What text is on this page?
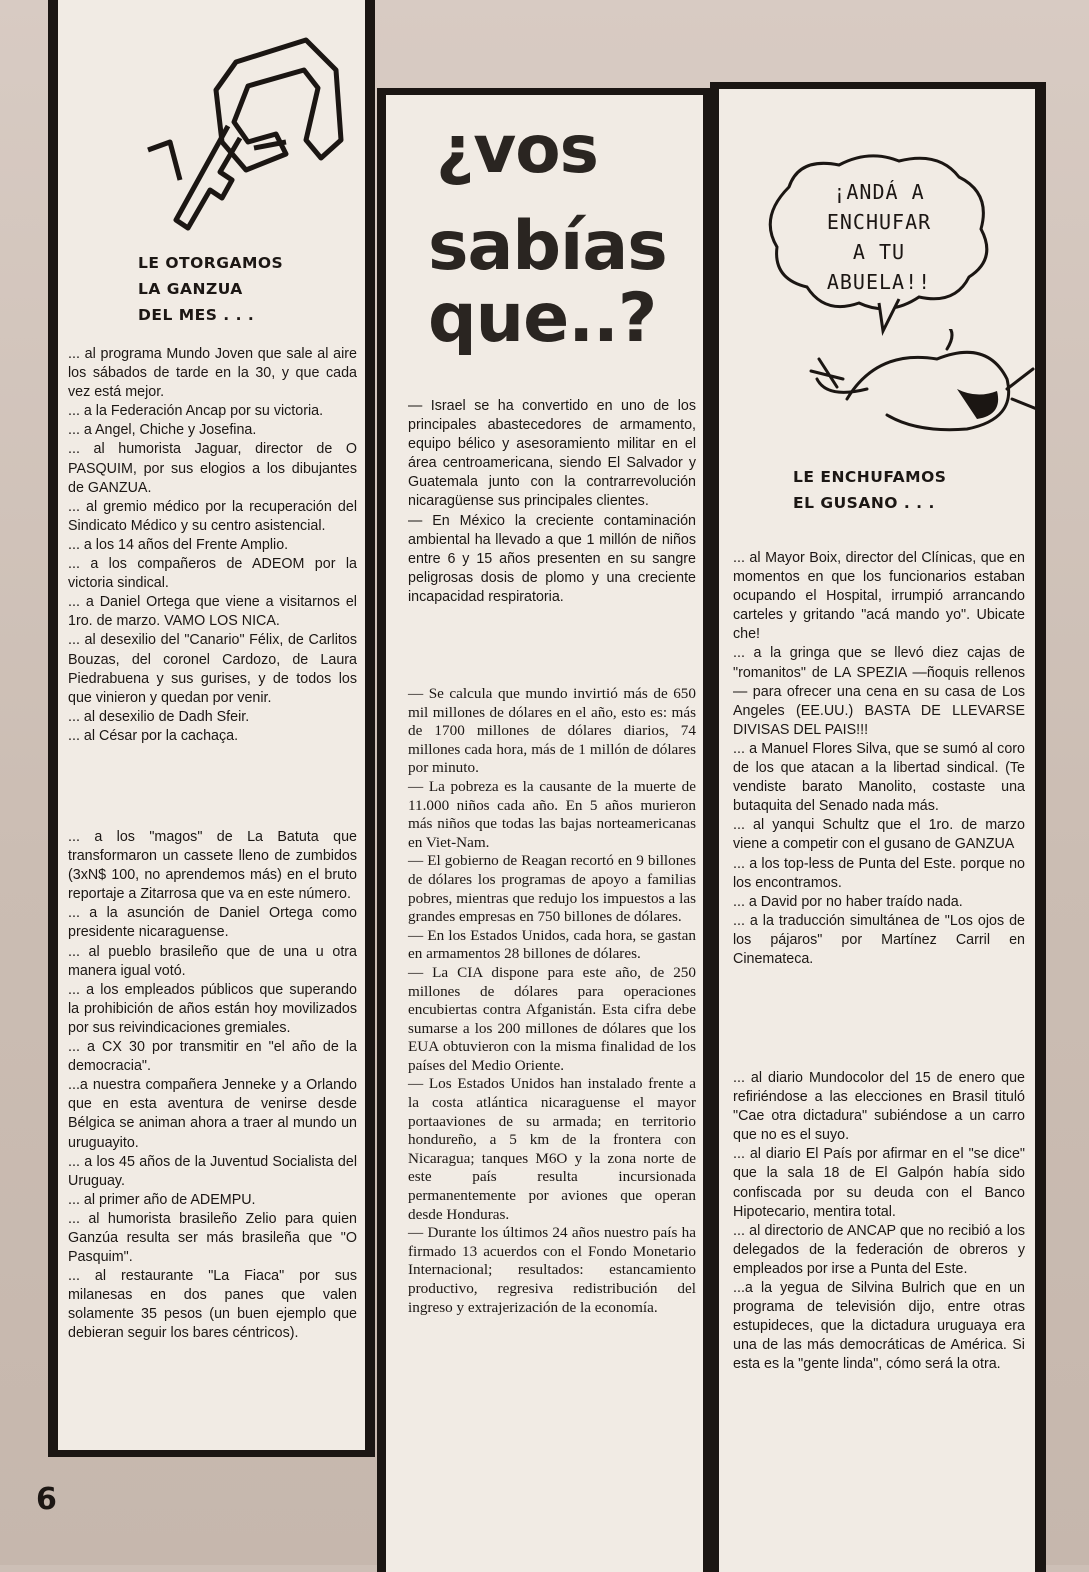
LE OTORGAMOS
LA GANZUA
DEL MES . . .

... al programa Mundo Joven que sale al aire los sábados de tarde en la 30, y que cada vez está mejor.
... a la Federación Ancap por su victoria.
... a Angel, Chiche y Josefina.
... al humorista Jaguar, director de O PASQUIM, por sus elogios a los dibujantes de GANZUA.
... al gremio médico por la recuperación del Sindicato Médico y su centro asistencial.
... a los 14 años del Frente Amplio.
... a los compañeros de ADEOM por la victoria sindical.
... a Daniel Ortega que viene a visitarnos el 1ro. de marzo. VAMO LOS NICA.
... al desexilio del "Canario" Félix, de Carlitos Bouzas, del coronel Cardozo, de Laura Piedrabuena y sus gurises, y de todos los que vinieron y quedan por venir.
... al desexilio de Dadh Sfeir.
... al César por la cachaça.

... a los "magos" de La Batuta que transformaron un cassete lleno de zumbidos (3xN$ 100, no aprendemos más) en el bruto reportaje a Zitarrosa que va en este número.
... a la asunción de Daniel Ortega como presidente nicaraguense.
... al pueblo brasileño que de una u otra manera igual votó.
... a los empleados públicos que superando la prohibición de años están hoy movilizados por sus reivindicaciones gremiales.
... a CX 30 por transmitir en "el año de la democracia".
...a nuestra compañera Jenneke y a Orlando que en esta aventura de venirse desde Bélgica se animan ahora a traer al mundo un uruguayito.
... a los 45 años de la Juventud Socialista del Uruguay.
... al primer año de ADEMPU.
... al humorista brasileño Zelio para quien Ganzúa resulta ser más brasileña que "O Pasquim".
... al restaurante "La Fiaca" por sus milanesas en dos panes que valen solamente 35 pesos (un buen ejemplo que debieran seguir los bares céntricos).

6
¿vos
sabías
que..?

— Israel se ha convertido en uno de los principales abastecedores de armamento, equipo bélico y asesoramiento militar en el área centroamericana, siendo El Salvador y Guatemala junto con la contrarrevolución nicaragüense sus principales clientes.
— En México la creciente contaminación ambiental ha llevado a que 1 millón de niños entre 6 y 15 años presenten en su sangre peligrosas dosis de plomo y una creciente incapacidad respiratoria.

— Se calcula que mundo invirtió más de 650 mil millones de dólares en el año, esto es: más de 1700 millones de dólares diarios, 74 millones cada hora, más de 1 millón de dólares por minuto.
— La pobreza es la causante de la muerte de 11.000 niños cada año. En 5 años murieron más niños que todas las bajas norteamericanas en Viet-Nam.
— El gobierno de Reagan recortó en 9 billones de dólares los programas de apoyo a familias pobres, mientras que redujo los impuestos a las grandes empresas en 750 billones de dólares.
— En los Estados Unidos, cada hora, se gastan en armamentos 28 billones de dólares.
— La CIA dispone para este año, de 250 millones de dólares para operaciones encubiertas contra Afganistán. Esta cifra debe sumarse a los 200 millones de dólares que los EUA obtuvieron con la misma finalidad de los países del Medio Oriente.
— Los Estados Unidos han instalado frente a la costa atlántica nicaraguense el mayor portaaviones de su armada; en territorio hondureño, a 5 km de la frontera con Nicaragua; tanques M6O y la zona norte de este país resulta incursionada permanentemente por aviones que operan desde Honduras.
— Durante los últimos 24 años nuestro país ha firmado 13 acuerdos con el Fondo Monetario Internacional; resultados: estancamiento productivo, regresiva redistribución del ingreso y extrajerización de la economía.

¡ANDÁ A
ENCHUFAR
A TU
ABUELA!!
LE ENCHUFAMOS
EL GUSANO . . .

... al Mayor Boix, director del Clínicas, que en momentos en que los funcionarios estaban ocupando el Hospital, irrumpió arrancando carteles y gritando "acá mando yo". Ubicate che!
... a la gringa que se llevó diez cajas de "romanitos" de LA SPEZIA —ñoquis rellenos— para ofrecer una cena en su casa de Los Angeles (EE.UU.) BASTA DE LLEVARSE DIVISAS DEL PAIS!!!
... a Manuel Flores Silva, que se sumó al coro de los que atacan a la libertad sindical. (Te vendiste barato Manolito, costaste una butaquita del Senado nada más.
... al yanqui Schultz que el 1ro. de marzo viene a competir con el gusano de GANZUA
... a los top-less de Punta del Este. porque no los encontramos.
... a David por no haber traído nada.
... a la traducción simultánea de "Los ojos de los pájaros" por Martínez Carril en Cinemateca.

... al diario Mundocolor del 15 de enero que refiriéndose a las elecciones en Brasil tituló "Cae otra dictadura" subiéndose a un carro que no es el suyo.
... al diario El País por afirmar en el "se dice" que la sala 18 de El Galpón había sido confiscada por su deuda con el Banco Hipotecario, mentira total.
... al directorio de ANCAP que no recibió a los delegados de la federación de obreros y empleados por irse a Punta del Este.
...a la yegua de Silvina Bulrich que en un programa de televisión dijo, entre otras estupideces, que la dictadura uruguaya era una de las más democráticas de América. Si esta es la "gente linda", cómo será la otra.
